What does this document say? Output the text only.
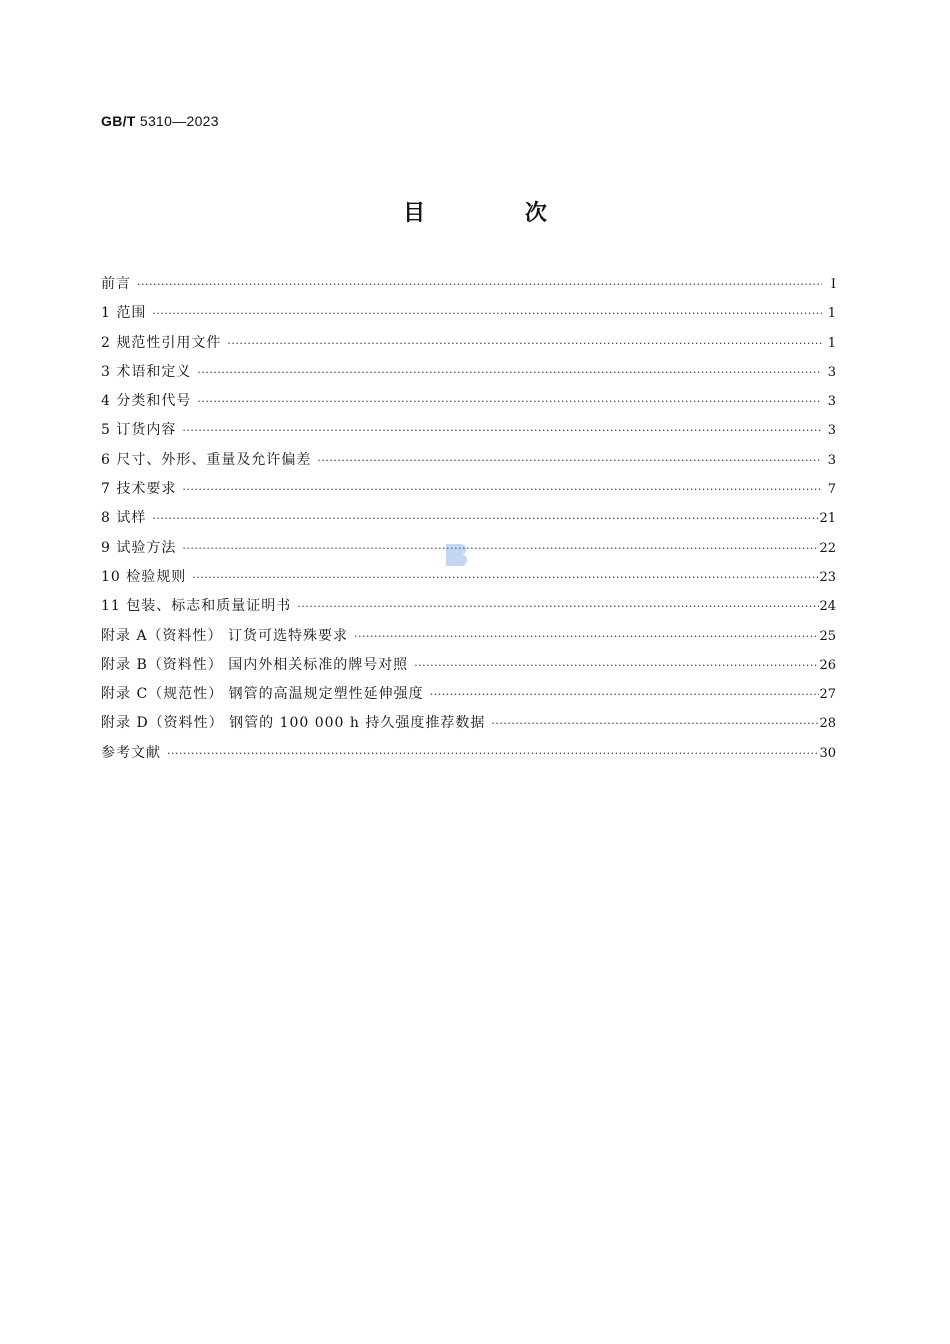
GB/T 5310—2023
目 次
前言 ·····	Ⅰ
1 范围 ·····	1
2 规范性引用文件 ·····	1
3 术语和定义 ·····	3
4 分类和代号 ·····	3
5 订货内容 ·····	3
6 尺寸、外形、重量及允许偏差 ·····	3
7 技术要求 ·····	7
8 试样 ·····	21
9 试验方法 ·····	22
10 检验规则 ·····	23
11 包装、标志和质量证明书 ·····	24
附录 A（资料性） 订货可选特殊要求 ·····	25
附录 B（资料性） 国内外相关标准的牌号对照 ·····	26
附录 C（规范性） 钢管的高温规定塑性延伸强度 ·····	27
附录 D（资料性） 钢管的 100 000 h 持久强度推荐数据 ·····	28
参考文献 ·····	30
